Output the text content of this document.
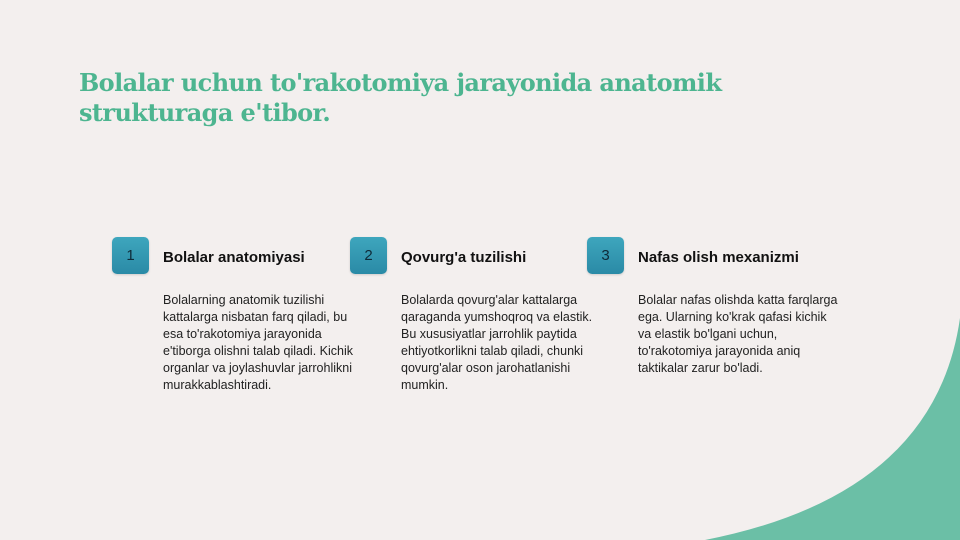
Bolalar uchun to'rakotomiya jarayonida anatomik strukturaga e'tibor.
1	Bolalar anatomiyasi
Bolalarning anatomik tuzilishi kattalarga nisbatan farq qiladi, bu esa to'rakotomiya jarayonida e'tiborga olishni talab qiladi. Kichik organlar va joylashuvlar jarrohlikni murakkablashtiradi.
2	Qovurg'a tuzilishi
Bolalarda qovurg'alar kattalarga qaraganda yumshoqroq va elastik. Bu xususiyatlar jarrohlik paytida ehtiyotkorlikni talab qiladi, chunki qovurg'alar oson jarohatlanishi mumkin.
3	Nafas olish mexanizmi
Bolalar nafas olishda katta farqlarga ega. Ularning ko'krak qafasi kichik va elastik bo'lgani uchun, to'rakotomiya jarayonida aniq taktikalar zarur bo'ladi.
